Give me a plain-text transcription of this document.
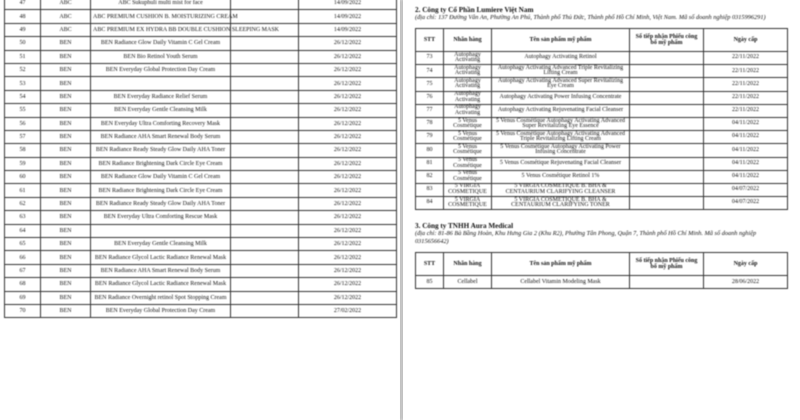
47	ABC	ABC Sukuphuli multi mist for face		14/09/2022
48	ABC	ABC PREMIUM CUSHION B. MOISTURIZING CREAM		14/09/2022
49	ABC	ABC PREMIUM EX HYDRA BB DOUBLE CUSHION SLEEPING MASK		14/09/2022
50	BEN	BEN Radiance Glow Daily Vitamin C Gel Cream		26/12/2022
51	BEN	BEN Bio Retinol Youth Serum		26/12/2022
52	BEN	BEN Everyday Global Protection Day Cream		26/12/2022
53	BEN			26/12/2022
54	BEN	BEN Everyday Radiance Relief Serum		26/12/2022
55	BEN	BEN Everyday Gentle Cleansing Milk		26/12/2022
56	BEN	BEN Everyday Ultra Comforting Recovery Mask		26/12/2022
57	BEN	BEN Radiance AHA Smart Renewal Body Serum		26/12/2022
58	BEN	BEN Radiance Ready Steady Glow Daily AHA Toner		26/12/2022
59	BEN	BEN Radiance Brightening Dark Circle Eye Cream		26/12/2022
60	BEN	BEN Radiance Glow Daily Vitamin C Gel Cream		26/12/2022
61	BEN	BEN Radiance Brightening Dark Circle Eye Cream		26/12/2022
62	BEN	BEN Radiance Ready Steady Glow Daily AHA Toner		26/12/2022
63	BEN	BEN Everyday Ultra Comforting Rescue Mask		26/12/2022
64	BEN			26/12/2022
65	BEN	BEN Everyday Gentle Cleansing Milk		26/12/2022
66	BEN	BEN Radiance Glycol Lactic Radiance Renewal Mask		26/12/2022
67	BEN	BEN Radiance AHA Smart Renewal Body Serum		26/12/2022
68	BEN	BEN Radiance Glycol Lactic Radiance Renewal Mask		26/12/2022
69	BEN	BEN Radiance Overnight retinol Spot Stopping Cream		26/12/2022
70	BEN	BEN Everyday Global Protection Day Cream		27/02/2022

2. Công ty Cổ Phần Lumiere Việt Nam

(địa chỉ: 137 Đường Vân An, Phường An Phú, Thành phố Thủ Đức, Thành phố Hồ Chí Minh, Việt Nam. Mã số doanh nghiệp 0315996291)

STT	Nhãn hàng	Tên sản phẩm mỹ phẩm	Số tiếp nhận Phiếu công bố mỹ phẩm	Ngày cấp
73	Autophagy Activating	Autophagy Activating Retinol		22/11/2022
74	Autophagy Activating	Autophagy Activating Advanced Triple Revitalizing Lifting Cream		22/11/2022
75	Autophagy Activating	Autophagy Activating Advanced Super Revitalizing Eye Cream		22/11/2022
76	Autophagy Activating	Autophagy Activating Power Infusing Concentrate		22/11/2022
77	Autophagy Activating	Autophagy Activating Rejuvenating Facial Cleanser		22/11/2022
78	5 Venus Cosmétique	5 Venus Cosmétique Autophagy Activating Advanced Super Revitalizing Eye Essence		04/11/2022
79	5 Venus Cosmétique	5 Venus Cosmétique Autophagy Activating Advanced Triple Revitalizing Lifting Cream		04/11/2022
80	5 Venus Cosmétique	5 Venus Cosmétique Autophagy Activating Power Infusing Concentrate		04/11/2022
81	5 Venus Cosmétique	5 Venus Cosmétique Rejuvenating Facial Cleanser		04/11/2022
82	5 Venus Cosmétique	5 Venus Cosmétique Retinol 1%		04/11/2022
83	5 VIRGIA COSMETIQUE	5 VIRGIA COSMETIQUE B. BHA & CENTAURIUM CLARIFYING CLEANSER		04/07/2022
84	5 VIRGIA COSMETIQUE	5 VIRGIA COSMETIQUE B. BHA & CENTAURIUM CLARIFYING TONER		04/07/2022

3. Công ty TNHH Aura Medical

(địa chỉ: 81-86 Bà Bầng Hoàn, Khu Hưng Gia 2 (Khu R2), Phường Tân Phong, Quận 7, Thành phố Hồ Chí Minh. Mã số doanh nghiệp 0315656642)

STT	Nhãn hàng	Tên sản phẩm mỹ phẩm	Số tiếp nhận Phiếu công bố mỹ phẩm	Ngày cấp
85	Cellabel	Cellabel Vitamin Modeling Mask		28/06/2022
